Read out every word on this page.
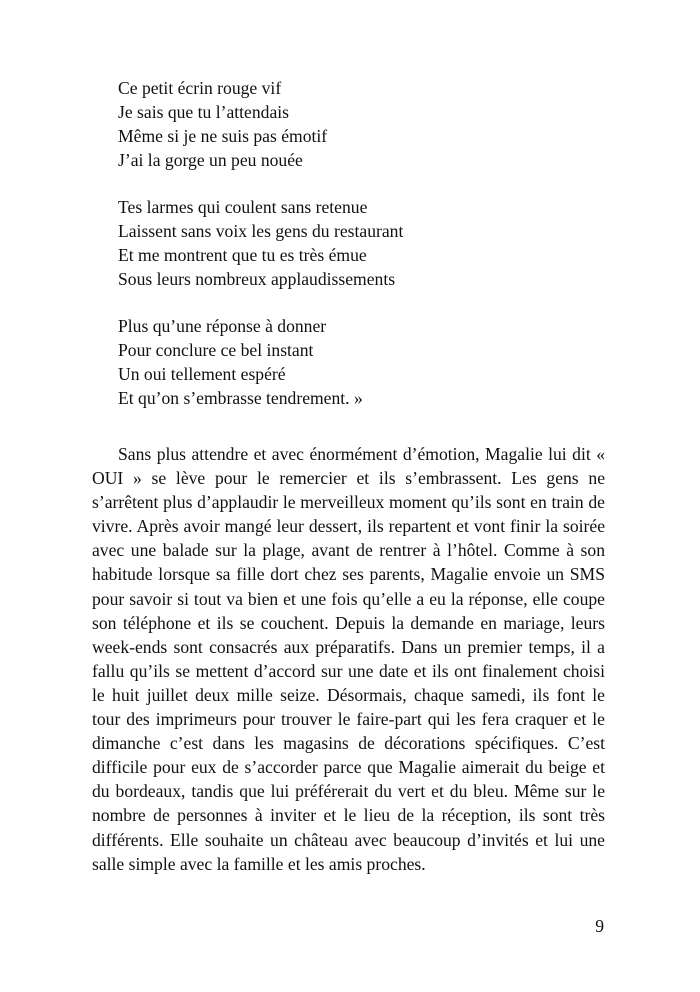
Ce petit écrin rouge vif
Je sais que tu l’attendais
Même si je ne suis pas émotif
J’ai la gorge un peu nouée
Tes larmes qui coulent sans retenue
Laissent sans voix les gens du restaurant
Et me montrent que tu es très émue
Sous leurs nombreux applaudissements
Plus qu’une réponse à donner
Pour conclure ce bel instant
Un oui tellement espéré
Et qu’on s’embrasse tendrement. »

Sans plus attendre et avec énormément d’émotion, Magalie lui dit « OUI » se lève pour le remercier et ils s’embrassent. Les gens ne s’arrêtent plus d’applaudir le merveilleux moment qu’ils sont en train de vivre. Après avoir mangé leur dessert, ils repartent et vont finir la soirée avec une balade sur la plage, avant de rentrer à l’hôtel. Comme à son habitude lorsque sa fille dort chez ses parents, Magalie envoie un SMS pour savoir si tout va bien et une fois qu’elle a eu la réponse, elle coupe son téléphone et ils se couchent. Depuis la demande en mariage, leurs week-ends sont consacrés aux préparatifs. Dans un premier temps, il a fallu qu’ils se mettent d’accord sur une date et ils ont finalement choisi le huit juillet deux mille seize. Désormais, chaque samedi, ils font le tour des imprimeurs pour trouver le faire-part qui les fera craquer et le dimanche c’est dans les magasins de décorations spécifiques. C’est difficile pour eux de s’accorder parce que Magalie aimerait du beige et du bordeaux, tandis que lui préférerait du vert et du bleu. Même sur le nombre de personnes à inviter et le lieu de la réception, ils sont très différents. Elle souhaite un château avec beaucoup d’invités et lui une salle simple avec la famille et les amis proches.

9
